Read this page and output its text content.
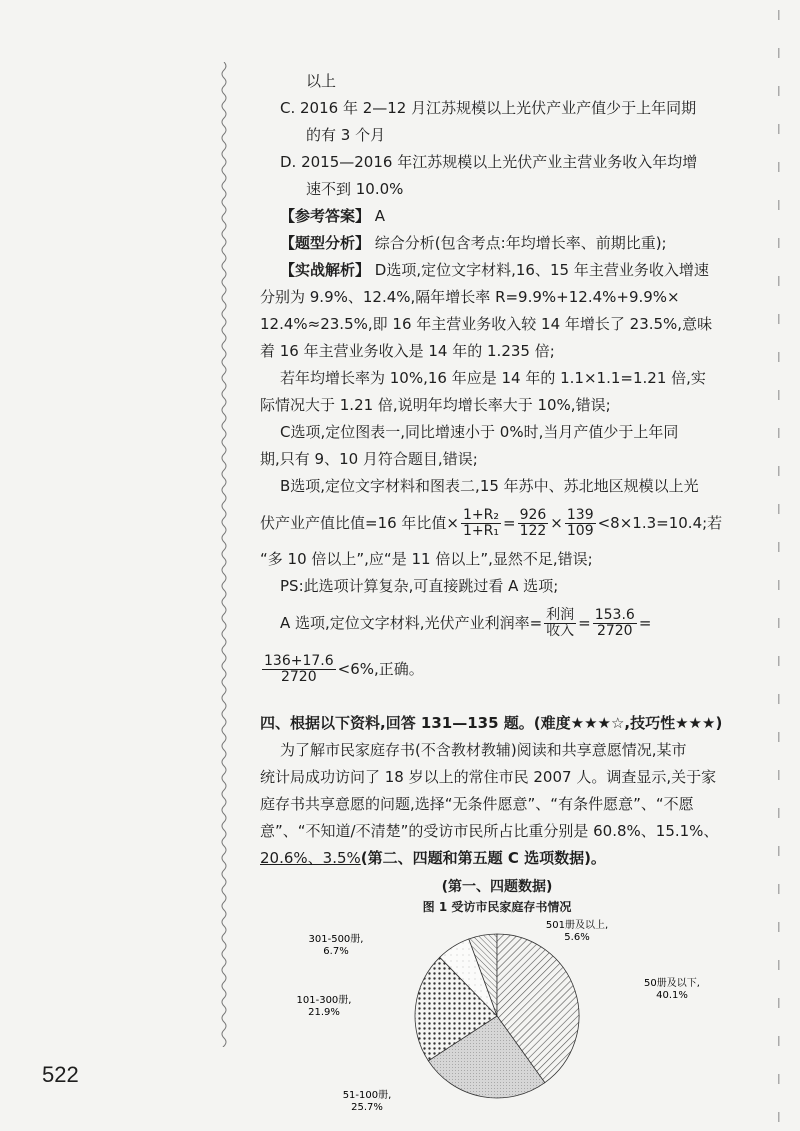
以上
C. 2016 年 2—12 月江苏规模以上光伏产业产值少于上年同期
的有 3 个月
D. 2015—2016 年江苏规模以上光伏产业主营业务收入年均增
速不到 10.0%
【参考答案】 A
【题型分析】 综合分析(包含考点:年均增长率、前期比重);
【实战解析】 D选项,定位文字材料,16、15 年主营业务收入增速
分别为 9.9%、12.4%,隔年增长率 R=9.9%+12.4%+9.9%×
12.4%≈23.5%,即 16 年主营业务收入较 14 年增长了 23.5%,意味
着 16 年主营业务收入是 14 年的 1.235 倍;
若年均增长率为 10%,16 年应是 14 年的 1.1×1.1=1.21 倍,实
际情况大于 1.21 倍,说明年均增长率大于 10%,错误;
C选项,定位图表一,同比增速小于 0%时,当月产值少于上年同
期,只有 9、10 月符合题目,错误;
B选项,定位文字材料和图表二,15 年苏中、苏北地区规模以上光
伏产业产值比值=16 年比值× $\frac{\text{1+R₂}}{\text{1+R₁}} = \frac{926}{122} \times \frac{139}{109} <8\times 1.3=10.4$;若
“多 10 倍以上”,应“是 11 倍以上”,显然不足,错误;
PS:此选项计算复杂,可直接跳过看 A 选项;
A 选项,定位文字材料,光伏产业利润率= $\frac{\text{利润}}{\text{收入}} = \frac{153.6}{2720}$ =
$\frac{136+17.6}{2720} <6\%$,正确。
四、根据以下资料,回答 131—135 题。(难度★★★☆,技巧性★★★)
为了解市民家庭存书(不含教材教辅)阅读和共享意愿情况,某市
统计局成功访问了 18 岁以上的常住市民 2007 人。调查显示,关于家
庭存书共享意愿的问题,选择“无条件愿意”、“有条件愿意”、“不愿
意”、“不知道/不清楚”的受访市民所占比重分别是 60.8%、15.1%、
20.6%、3.5%(第二、四题和第五题 C 选项数据)。
(第一、四题数据)
图 1 受访市民家庭存书情况
501册及以上,
5.6%
50册及以下,
40.1%
51-100册,
25.7%
101-300册,
21.9%
301-500册,
6.7%
522
